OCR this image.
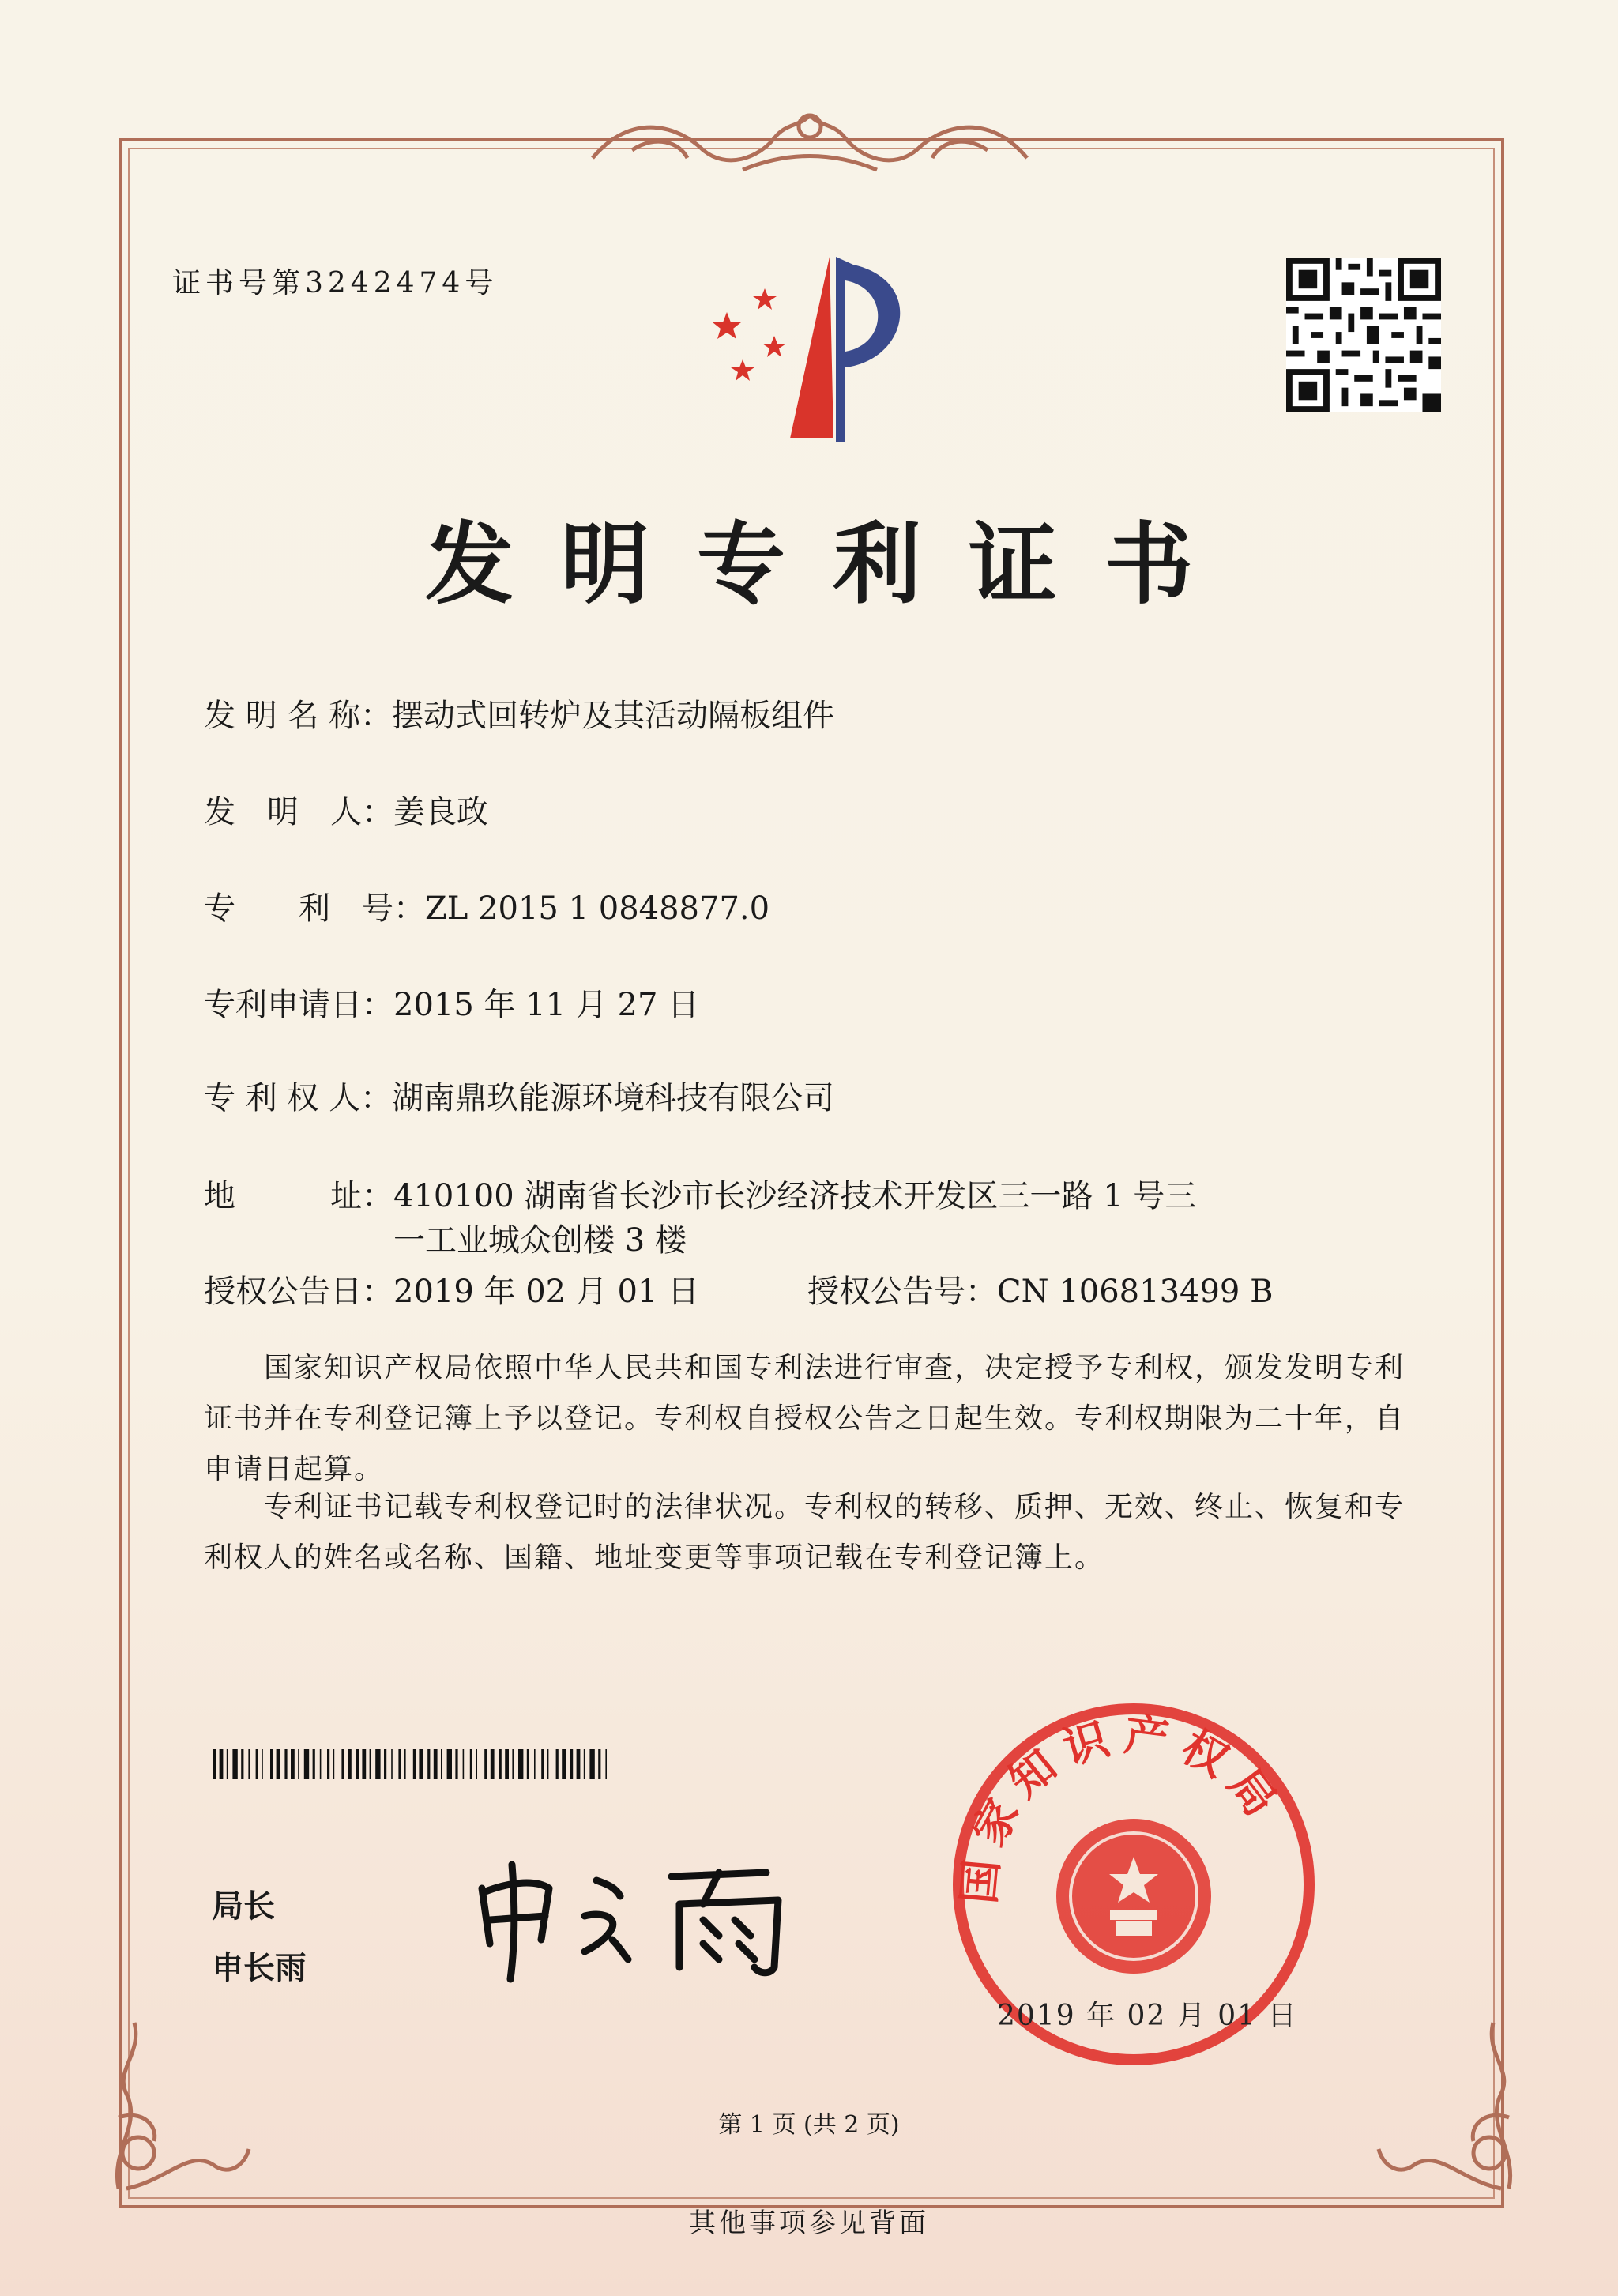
证书号第3242474号
发明专利证书
发 明 名 称：摆动式回转炉及其活动隔板组件
发　明　人：姜良政
专　　利　号：ZL 2015 1 0848877.0
专利申请日：2015 年 11 月 27 日
专 利 权 人：湖南鼎玖能源环境科技有限公司
地　　　址：410100 湖南省长沙市长沙经济技术开发区三一路 1 号三一工业城众创楼 3 楼
授权公告日：2019 年 02 月 01 日	授权公告号：CN 106813499 B
国家知识产权局依照中华人民共和国专利法进行审查，决定授予专利权，颁发发明专利证书并在专利登记簿上予以登记。专利权自授权公告之日起生效。专利权期限为二十年，自申请日起算。
专利证书记载专利权登记时的法律状况。专利权的转移、质押、无效、终止、恢复和专利权人的姓名或名称、国籍、地址变更等事项记载在专利登记簿上。
局长
申长雨
国家知识产权局
2019 年 02 月 01 日
第 1 页 (共 2 页)
其他事项参见背面
